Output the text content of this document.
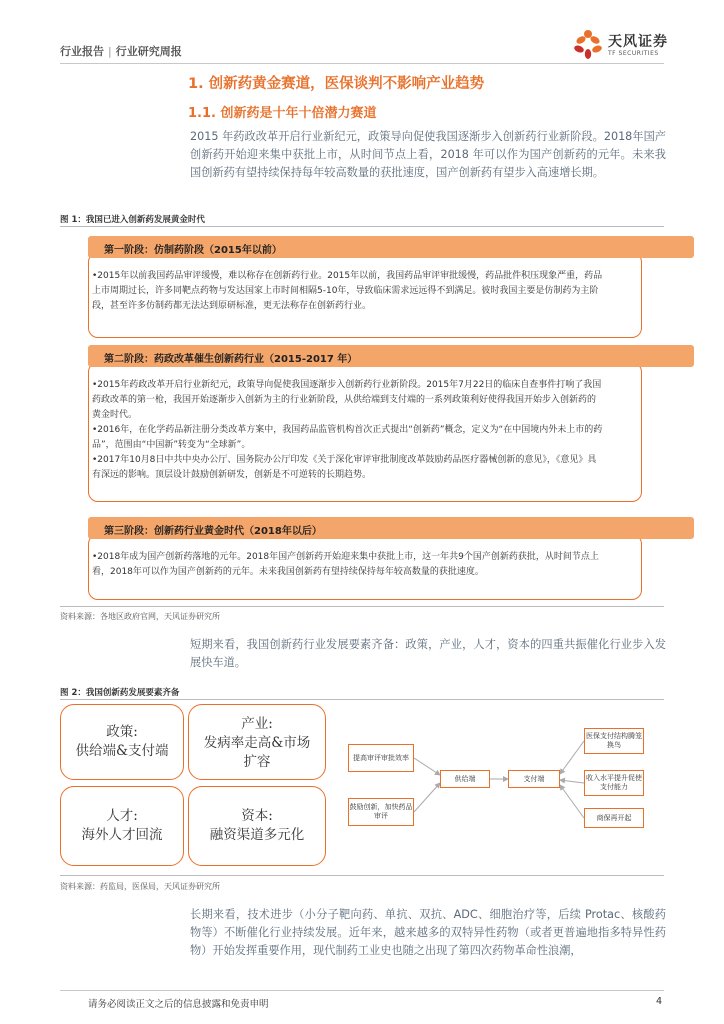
行业报告 | 行业研究周报
天风证券
TF SECURITIES
1. 创新药黄金赛道，医保谈判不影响产业趋势
1.1. 创新药是十年十倍潜力赛道
2015 年药政改革开启行业新纪元，政策导向促使我国逐渐步入创新药行业新阶段。2018年国产创新药开始迎来集中获批上市，从时间节点上看，2018 年可以作为国产创新药的元年。未来我国创新药有望持续保持每年较高数量的获批速度，国产创新药有望步入高速增长期。
图 1：我国已进入创新药发展黄金时代
第一阶段：仿制药阶段（2015年以前）

•2015年以前我国药品审评缓慢，难以称存在创新药行业。2015年以前，我国药品审评审批缓慢，药品批件积压现象严重，药品上市周期过长，许多同靶点药物与发达国家上市时间相隔5-10年，导致临床需求远远得不到满足。彼时我国主要是仿制药为主阶段，甚至许多仿制药都无法达到原研标准，更无法称存在创新药行业。

第二阶段：药政改革催生创新药行业（2015-2017 年）

•2015年药政改革开启行业新纪元，政策导向促使我国逐渐步入创新药行业新阶段。2015年7月22日的临床自查事件打响了我国药政改革的第一枪，我国开始逐渐步入创新为主的行业新阶段，从供给端到支付端的一系列政策利好使得我国开始步入创新药的黄金时代。

•2016年，在化学药品新注册分类改革方案中，我国药品监管机构首次正式提出“创新药”概念，定义为“在中国境内外未上市的药品”，范围由“中国新”转变为“全球新”。

•2017年10月8日中共中央办公厅、国务院办公厅印发《关于深化审评审批制度改革鼓励药品医疗器械创新的意见》，《意见》具有深远的影响。顶层设计鼓励创新研发，创新是不可逆转的长期趋势。

第三阶段：创新药行业黄金时代（2018年以后）

•2018年成为国产创新药落地的元年。2018年国产创新药开始迎来集中获批上市，这一年共9个国产创新药获批，从时间节点上看，2018年可以作为国产创新药的元年。未来我国创新药有望持续保持每年较高数量的获批速度。

资料来源：各地区政府官网，天风证券研究所
短期来看，我国创新药行业发展要素齐备：政策，产业，人才，资本的四重共振催化行业步入发展快车道。
图 2：我国创新药发展要素齐备
政策:
供给端&支付端
产业:
发病率走高&市场
扩容
人才:
海外人才回流
资本:
融资渠道多元化
提高审评审批效率
鼓励创新，加快药品审评
供给端	支付端
医保支付结构腾笼换鸟
收入水平提升促使支付能力
商保再开起
资料来源：药监局，医保局，天风证券研究所
长期来看，技术进步（小分子靶向药、单抗、双抗、ADC、细胞治疗等，后续 Protac、核酸药物等）不断催化行业持续发展。近年来，越来越多的双特异性药物（或者更普遍地指多特异性药物）开始发挥重要作用，现代制药工业史也随之出现了第四次药物革命性浪潮，
请务必阅读正文之后的信息披露和免责申明	4
